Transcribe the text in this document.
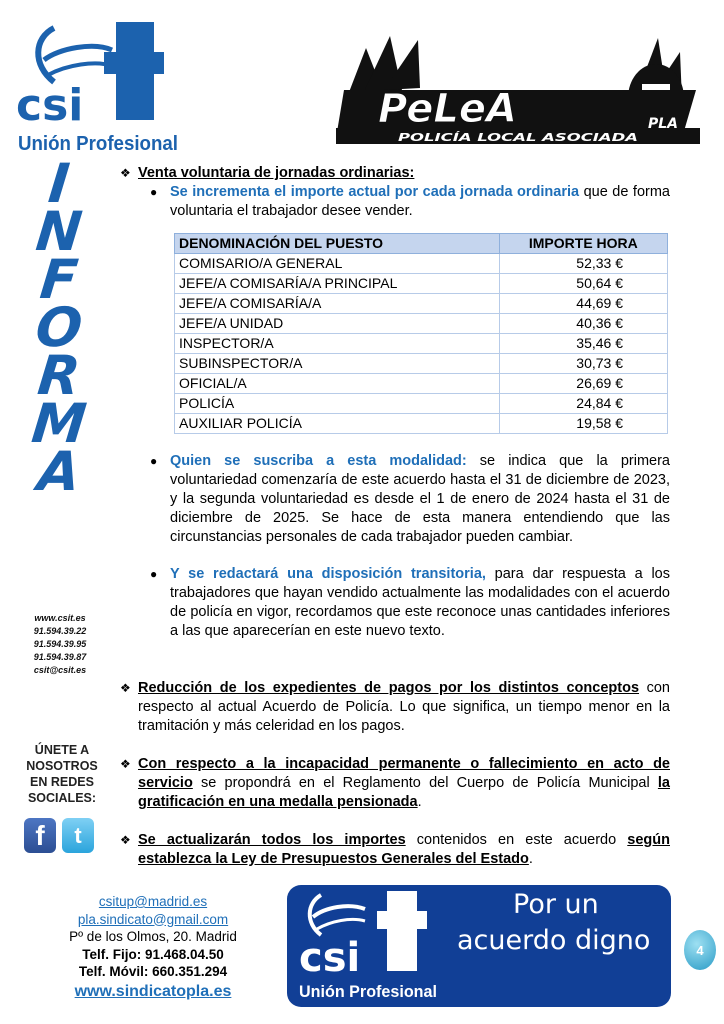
csi
Unión Profesional
I
N
F
O
R
M
A
www.csit.es
91.594.39.22
91.594.39.95
91.594.39.87
csit@csit.es
ÚNETE A
NOSOTROS
EN REDES
SOCIALES:
f	t
PeLeA	PLA
POLICÍA LOCAL ASOCIADA
❖ Venta voluntaria de jornadas ordinarias:
● Se incrementa el importe actual por cada jornada ordinaria que de forma voluntaria el trabajador desee vender.
DENOMINACIÓN DEL PUESTO	IMPORTE HORA
COMISARIO/A GENERAL	52,33 €
JEFE/A COMISARÍA/A PRINCIPAL	50,64 €
JEFE/A COMISARÍA/A	44,69 €
JEFE/A UNIDAD	40,36 €
INSPECTOR/A	35,46 €
SUBINSPECTOR/A	30,73 €
OFICIAL/A	26,69 €
POLICÍA	24,84 €
AUXILIAR POLICÍA	19,58 €
● Quien se suscriba a esta modalidad: se indica que la primera voluntariedad comenzaría de este acuerdo hasta el 31 de diciembre de 2023, y la segunda voluntariedad es desde el 1 de enero de 2024 hasta el 31 de diciembre de 2025. Se hace de esta manera entendiendo que las circunstancias personales de cada trabajador pueden cambiar.
● Y se redactará una disposición transitoria, para dar respuesta a los trabajadores que hayan vendido actualmente las modalidades con el acuerdo de policía en vigor, recordamos que este reconoce unas cantidades inferiores a las que aparecerían en este nuevo texto.
❖ Reducción de los expedientes de pagos por los distintos conceptos con respecto al actual Acuerdo de Policía. Lo que significa, un tiempo menor en la tramitación y más celeridad en los pagos.
❖ Con respecto a la incapacidad permanente o fallecimiento en acto de servicio se propondrá en el Reglamento del Cuerpo de Policía Municipal la gratificación en una medalla pensionada.
❖ Se actualizarán todos los importes contenidos en este acuerdo según establezca la Ley de Presupuestos Generales del Estado.
csitup@madrid.es
pla.sindicato@gmail.com
Pº de los Olmos, 20. Madrid
Telf. Fijo: 91.468.04.50
Telf. Móvil: 660.351.294
www.sindicatopla.es
csi
Unión Profesional
Por un
acuerdo digno	4
